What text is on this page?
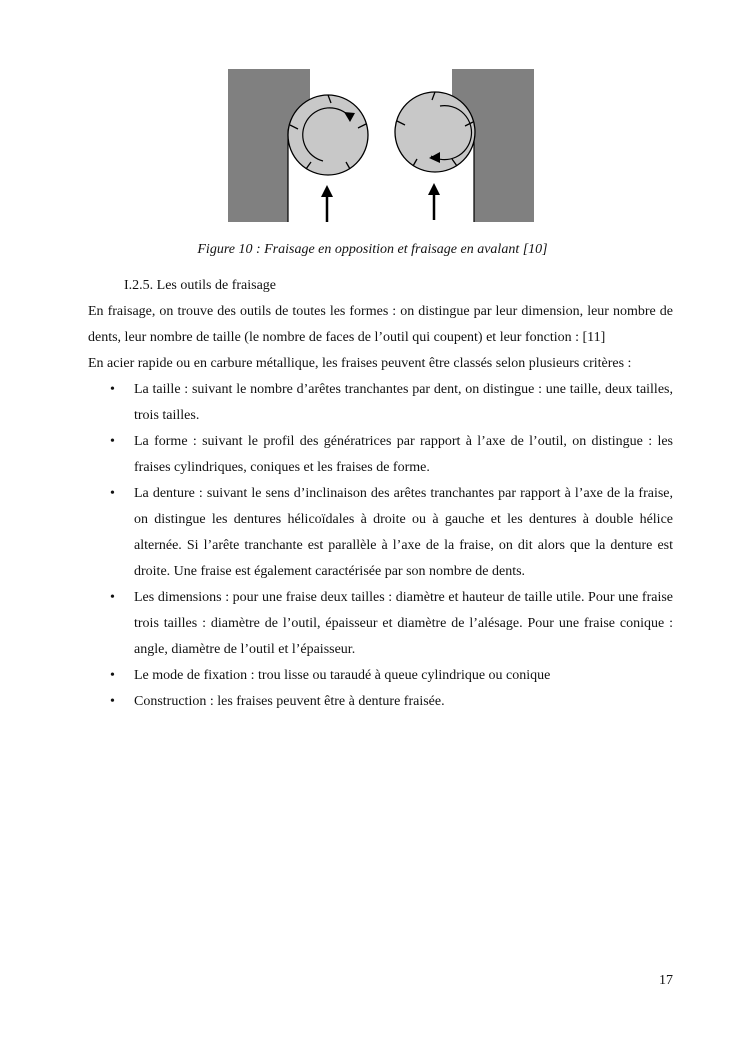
Figure 10 : Fraisage en opposition et fraisage en avalant [10]
I.2.5. Les outils de fraisage
En fraisage, on trouve des outils de toutes les formes : on distingue par leur dimension, leur nombre de dents, leur nombre de taille (le nombre de faces de l’outil qui coupent) et leur fonction : [11]
En acier rapide ou en carbure métallique, les fraises peuvent être classés selon plusieurs critères :
• La taille : suivant le nombre d’arêtes tranchantes par dent, on distingue : une taille, deux tailles, trois tailles.
• La forme : suivant le profil des génératrices par rapport à l’axe de l’outil, on distingue : les fraises cylindriques, coniques et les fraises de forme.
• La denture : suivant le sens d’inclinaison des arêtes tranchantes par rapport à l’axe de la fraise, on distingue les dentures hélicoïdales à droite ou à gauche et les dentures à double hélice alternée. Si l’arête tranchante est parallèle à l’axe de la fraise, on dit alors que la denture est droite. Une fraise est également caractérisée par son nombre de dents.
• Les dimensions : pour une fraise deux tailles : diamètre et hauteur de taille utile. Pour une fraise trois tailles : diamètre de l’outil, épaisseur et diamètre de l’alésage. Pour une fraise conique : angle, diamètre de l’outil et l’épaisseur.
• Le mode de fixation : trou lisse ou taraudé à queue cylindrique ou conique
• Construction : les fraises peuvent être à denture fraisée.
17
